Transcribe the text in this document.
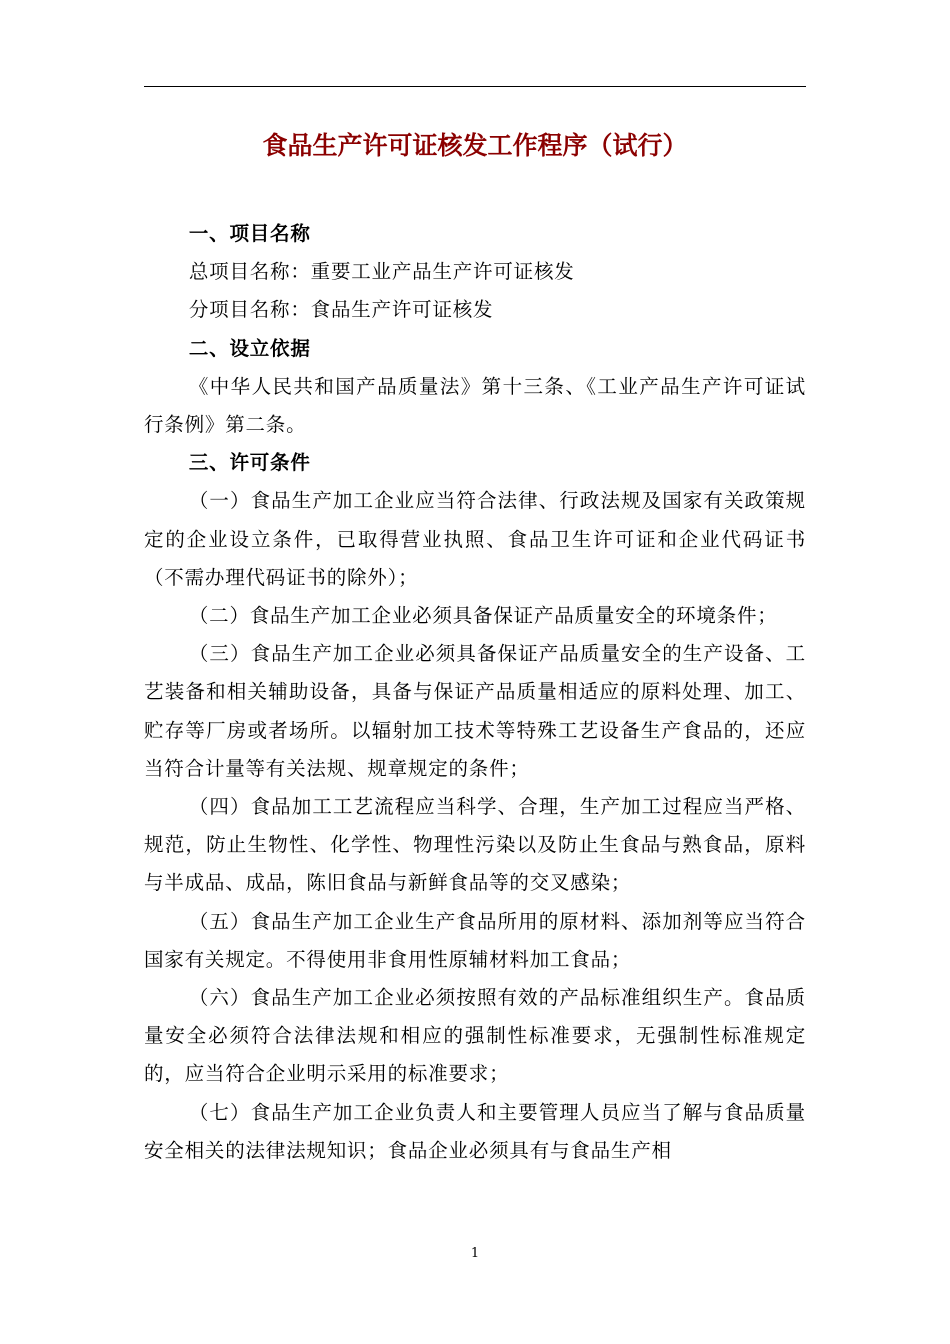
食品生产许可证核发工作程序（试行）
一、项目名称
总项目名称：重要工业产品生产许可证核发
分项目名称：食品生产许可证核发
二、设立依据
《中华人民共和国产品质量法》第十三条、《工业产品生产许可证试行条例》第二条。
三、许可条件
（一）食品生产加工企业应当符合法律、行政法规及国家有关政策规定的企业设立条件，已取得营业执照、食品卫生许可证和企业代码证书（不需办理代码证书的除外）；
（二）食品生产加工企业必须具备保证产品质量安全的环境条件；
（三）食品生产加工企业必须具备保证产品质量安全的生产设备、工艺装备和相关辅助设备，具备与保证产品质量相适应的原料处理、加工、贮存等厂房或者场所。以辐射加工技术等特殊工艺设备生产食品的，还应当符合计量等有关法规、规章规定的条件；
（四）食品加工工艺流程应当科学、合理，生产加工过程应当严格、规范，防止生物性、化学性、物理性污染以及防止生食品与熟食品，原料与半成品、成品，陈旧食品与新鲜食品等的交叉感染；
（五）食品生产加工企业生产食品所用的原材料、添加剂等应当符合国家有关规定。不得使用非食用性原辅材料加工食品；
（六）食品生产加工企业必须按照有效的产品标准组织生产。食品质量安全必须符合法律法规和相应的强制性标准要求，无强制性标准规定的，应当符合企业明示采用的标准要求；
（七）食品生产加工企业负责人和主要管理人员应当了解与食品质量安全相关的法律法规知识；食品企业必须具有与食品生产相
1
